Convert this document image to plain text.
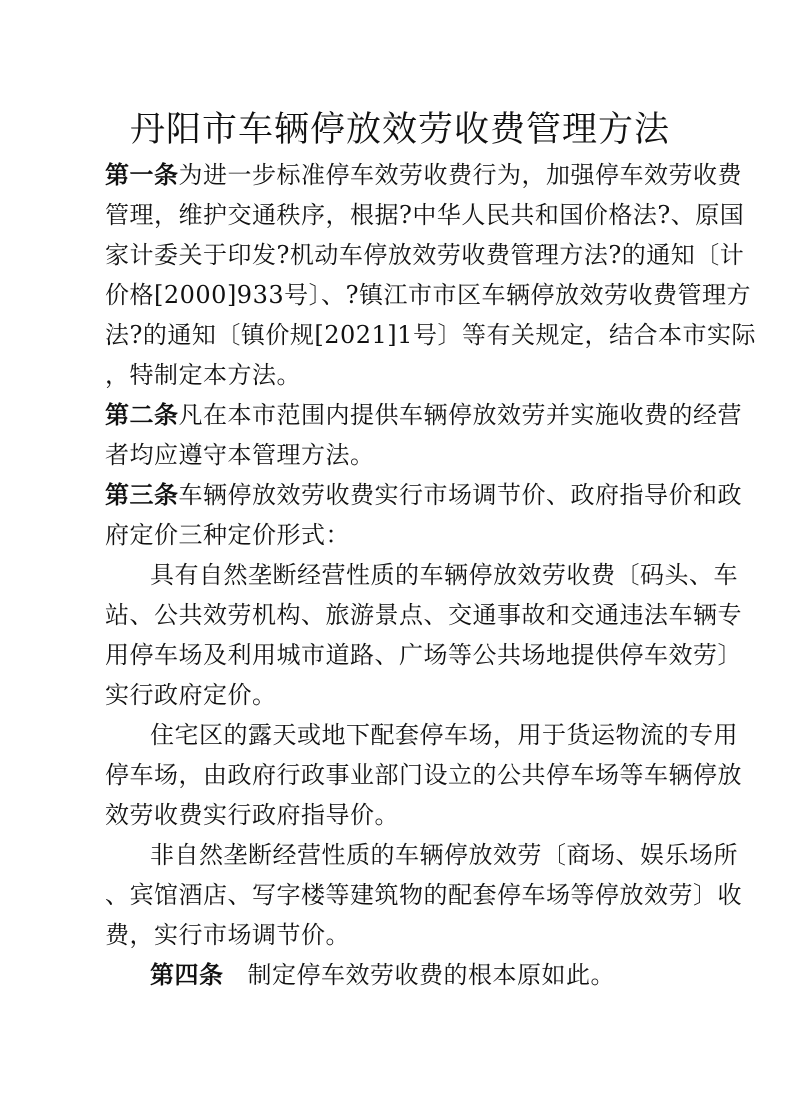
丹阳市车辆停放效劳收费管理方法
第一条为进一步标准停车效劳收费行为，加强停车效劳收费
管理，维护交通秩序，根据?中华人民共和国价格法?、原国
家计委关于印发?机动车停放效劳收费管理方法?的通知〔计
价格[2000]933号〕、?镇江市市区车辆停放效劳收费管理方
法?的通知〔镇价规[2021]1号〕等有关规定，结合本市实际
，特制定本方法。
第二条凡在本市范围内提供车辆停放效劳并实施收费的经营
者均应遵守本管理方法。
第三条车辆停放效劳收费实行市场调节价、政府指导价和政
府定价三种定价形式：
具有自然垄断经营性质的车辆停放效劳收费〔码头、车
站、公共效劳机构、旅游景点、交通事故和交通违法车辆专
用停车场及利用城市道路、广场等公共场地提供停车效劳〕
实行政府定价。
住宅区的露天或地下配套停车场，用于货运物流的专用
停车场，由政府行政事业部门设立的公共停车场等车辆停放
效劳收费实行政府指导价。
非自然垄断经营性质的车辆停放效劳〔商场、娱乐场所
、宾馆酒店、写字楼等建筑物的配套停车场等停放效劳〕收
费，实行市场调节价。
第四条 制定停车效劳收费的根本原如此。
